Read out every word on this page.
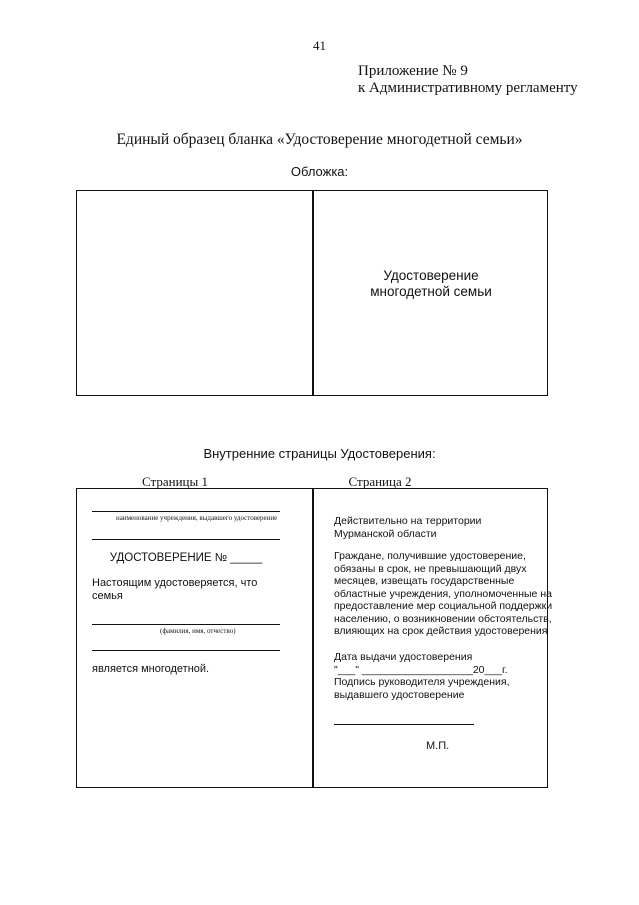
41
Приложение № 9
к Административному регламенту
Единый образец бланка «Удостоверение многодетной семьи»
Обложка:
Удостоверение
многодетной семьи
Внутренние страницы Удостоверения:
Страницы 1	Страница 2
наименование учреждения, выдавшего удостоверение
УДОСТОВЕРЕНИЕ № _____
Настоящим удостоверяется, что
семья
(фамилия, имя, отчество)
является многодетной.
Действительно на территории
Мурманской области
Граждане, получившие удостоверение,
обязаны в срок, не превышающий двух
месяцев, извещать государственные
областные учреждения, уполномоченные на
предоставление мер социальной поддержки
населению, о возникновении обстоятельств,
влияющих на срок действия удостоверения
Дата выдачи удостоверения
"___" ___________________20___г.
Подпись руководителя учреждения,
выдавшего удостоверение
М.П.
